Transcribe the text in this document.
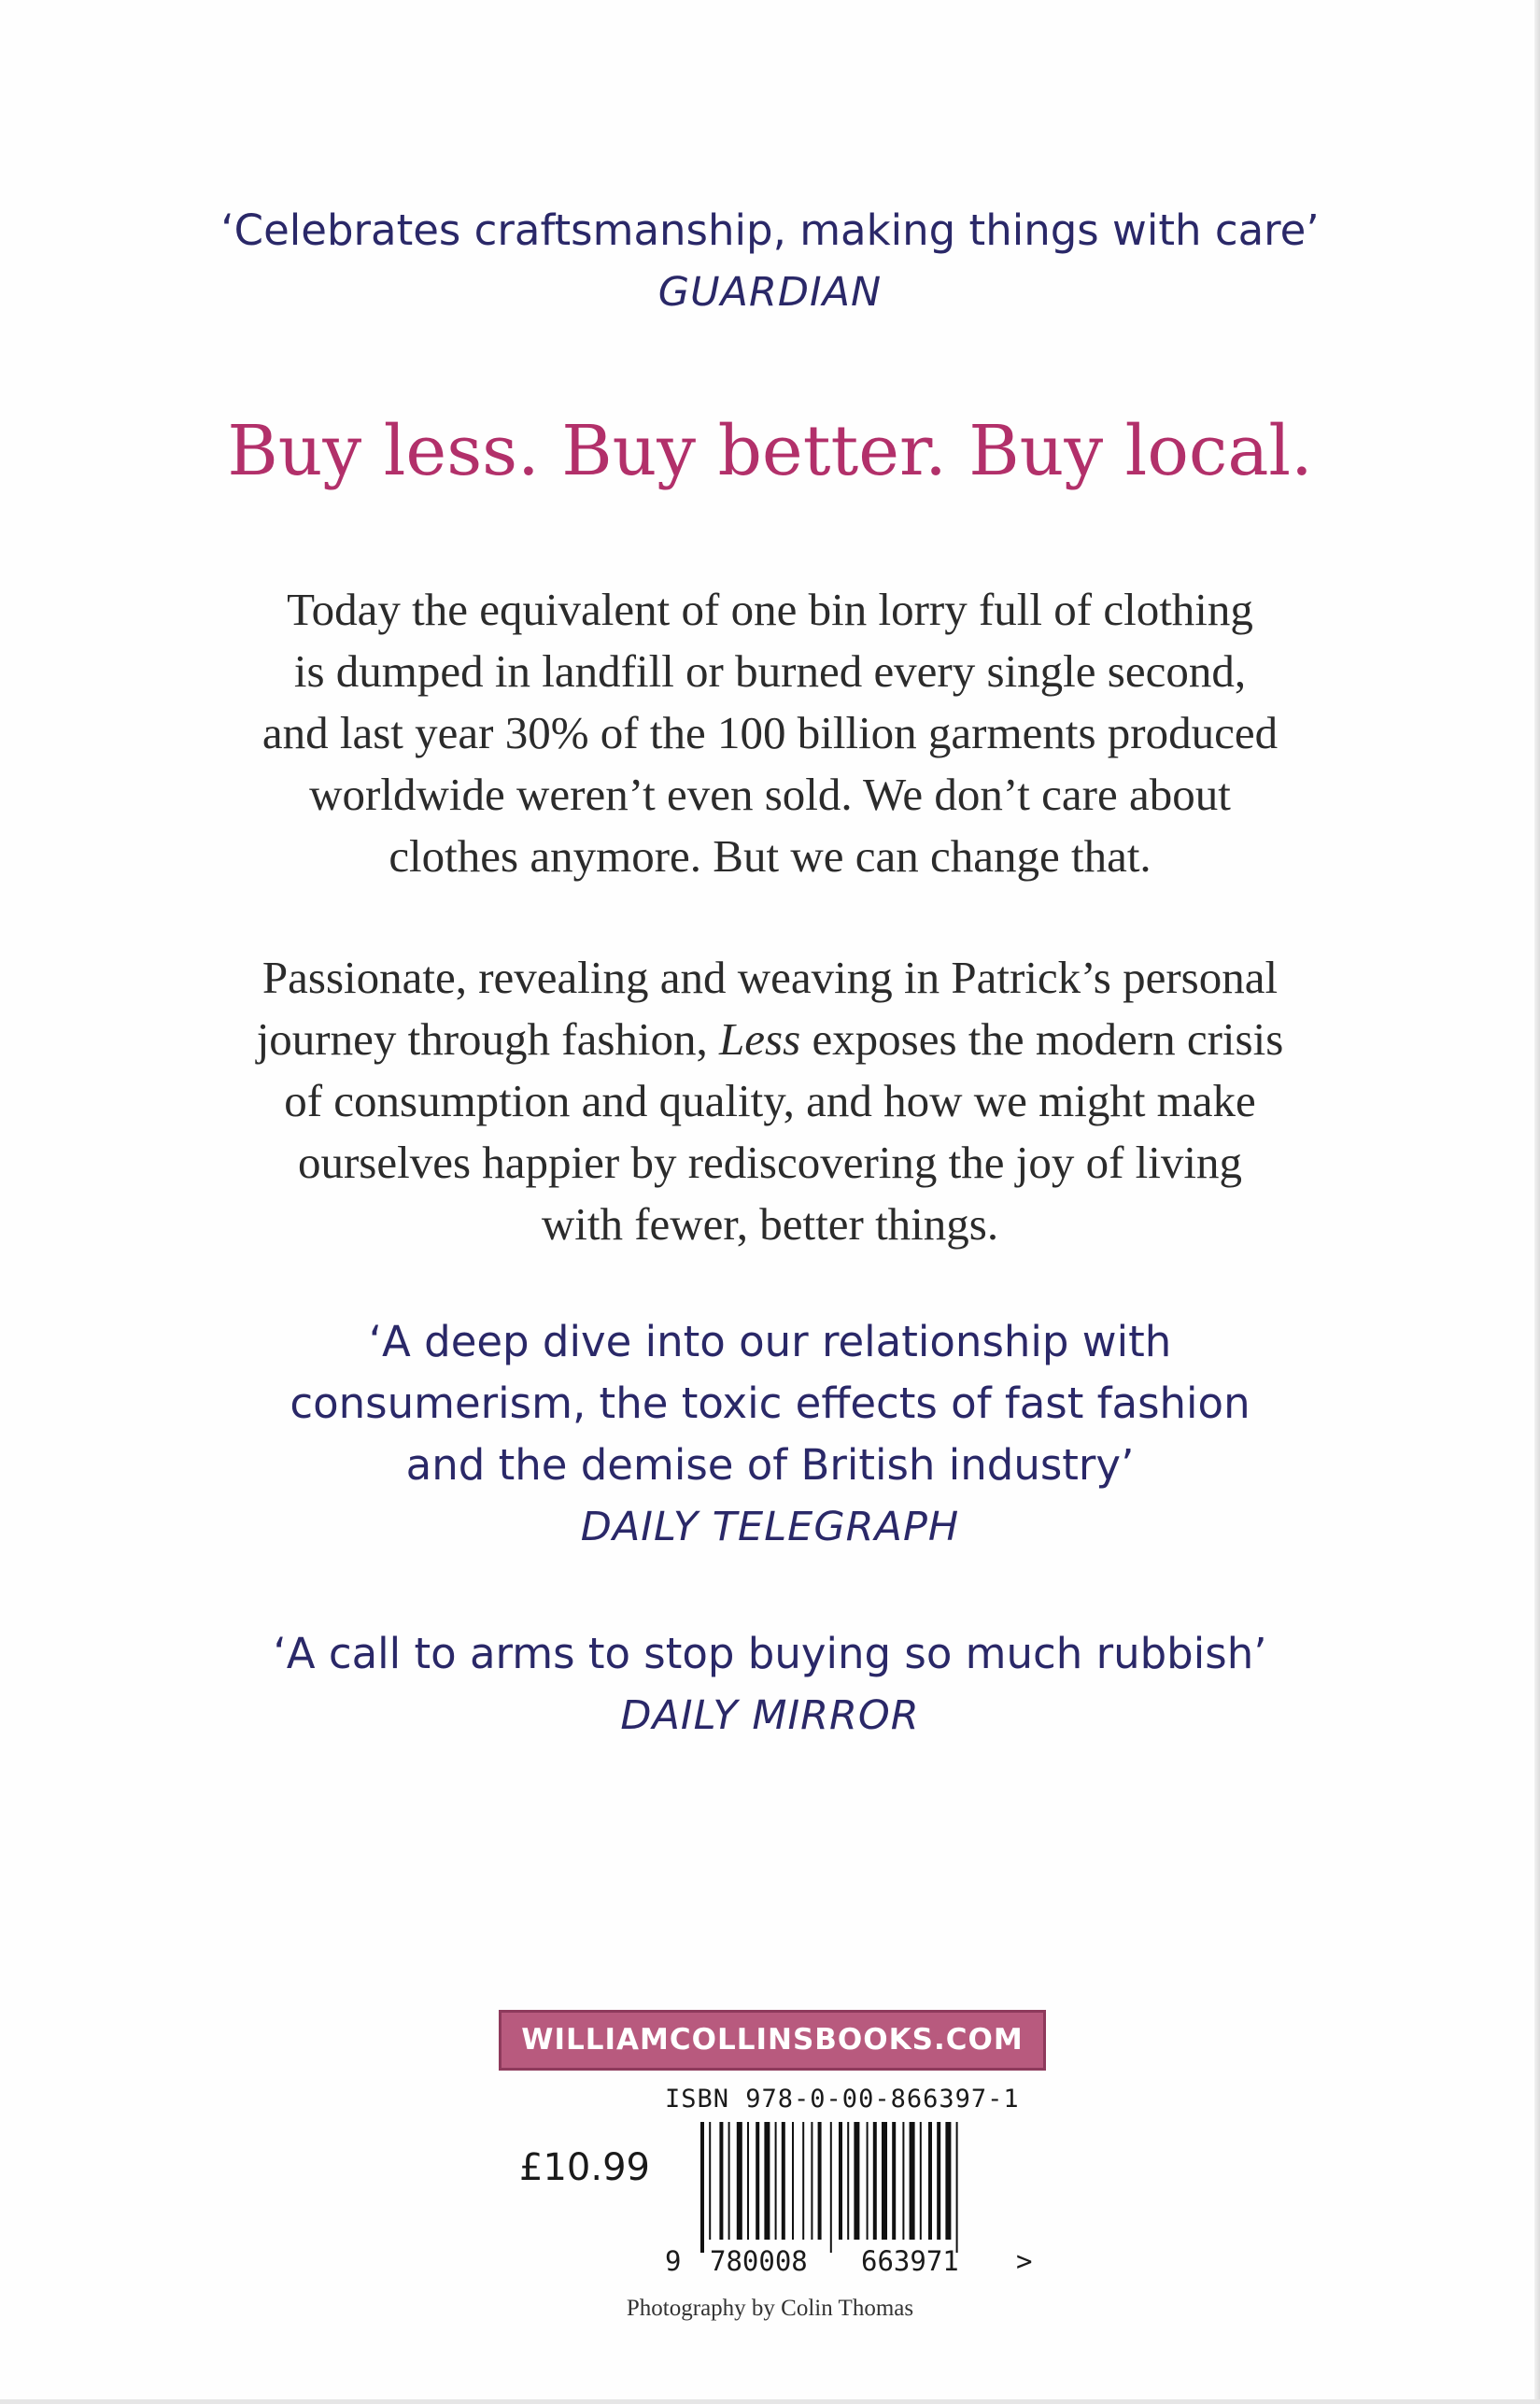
‘Celebrates craftsmanship, making things with care’
GUARDIAN
Buy less. Buy better. Buy local.

Today the equivalent of one bin lorry full of clothing

is dumped in landfill or burned every single second,

and last year 30% of the 100 billion garments produced

worldwide weren’t even sold. We don’t care about

clothes anymore. But we can change that.

Passionate, revealing and weaving in Patrick’s personal

journey through fashion, Less exposes the modern crisis

of consumption and quality, and how we might make

ourselves happier by rediscovering the joy of living

with fewer, better things.

‘A deep dive into our relationship with
consumerism, the toxic effects of fast fashion
and the demise of British industry’
DAILY TELEGRAPH
‘A call to arms to stop buying so much rubbish’
DAILY MIRROR
WILLIAMCOLLINSBOOKS.COM
ISBN 978-0-00-866397-1
£10.99
9 780008 663971 >
Photography by Colin Thomas
